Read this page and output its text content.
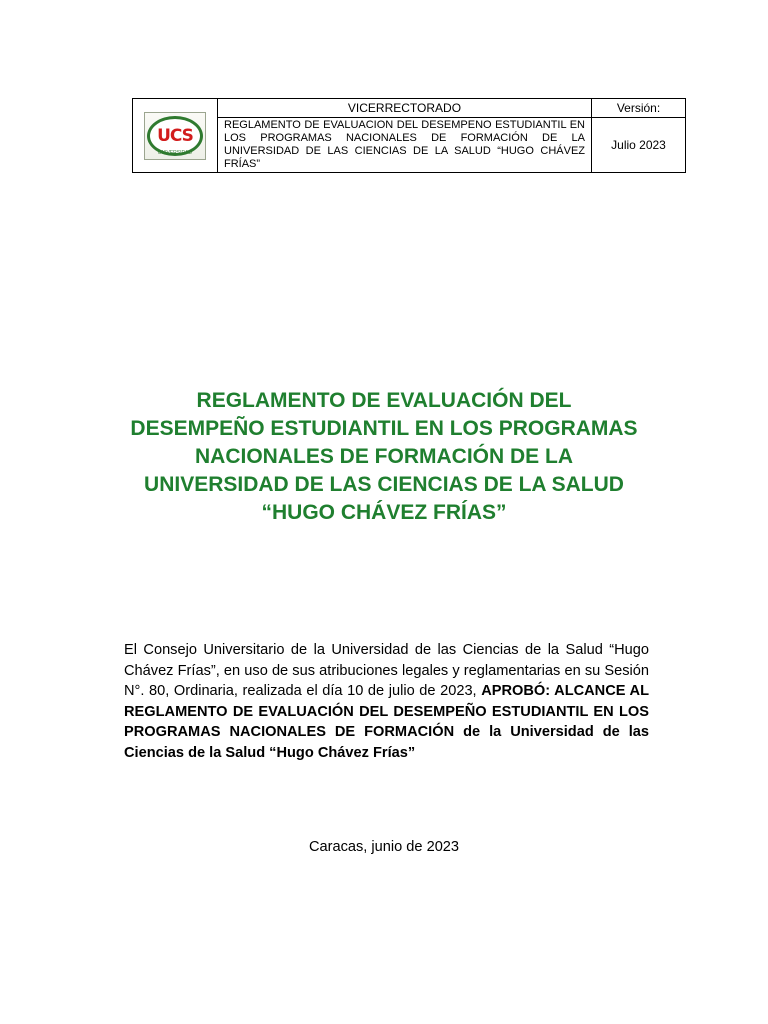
UCS
UNIVERSIDAD	VICERRECTORADO	Versión:
	REGLAMENTO DE EVALUACION DEL DESEMPENO ESTUDIANTIL EN LOS PROGRAMAS NACIONALES DE FORMACIÓN DE LA UNIVERSIDAD DE LAS CIENCIAS DE LA SALUD “HUGO CHÁVEZ FRÍAS”	Julio 2023
REGLAMENTO DE EVALUACIÓN DEL
DESEMPEÑO ESTUDIANTIL EN LOS PROGRAMAS
NACIONALES DE FORMACIÓN DE LA
UNIVERSIDAD DE LAS CIENCIAS DE LA SALUD
“HUGO CHÁVEZ FRÍAS”
El Consejo Universitario de la Universidad de las Ciencias de la Salud “Hugo Chávez Frías”, en uso de sus atribuciones legales y reglamentarias en su Sesión N°. 80, Ordinaria, realizada el día 10 de julio de 2023, APROBÓ: ALCANCE AL REGLAMENTO DE EVALUACIÓN DEL DESEMPEÑO ESTUDIANTIL EN LOS PROGRAMAS NACIONALES DE FORMACIÓN de la Universidad de las Ciencias de la Salud “Hugo Chávez Frías”
Caracas, junio de 2023
